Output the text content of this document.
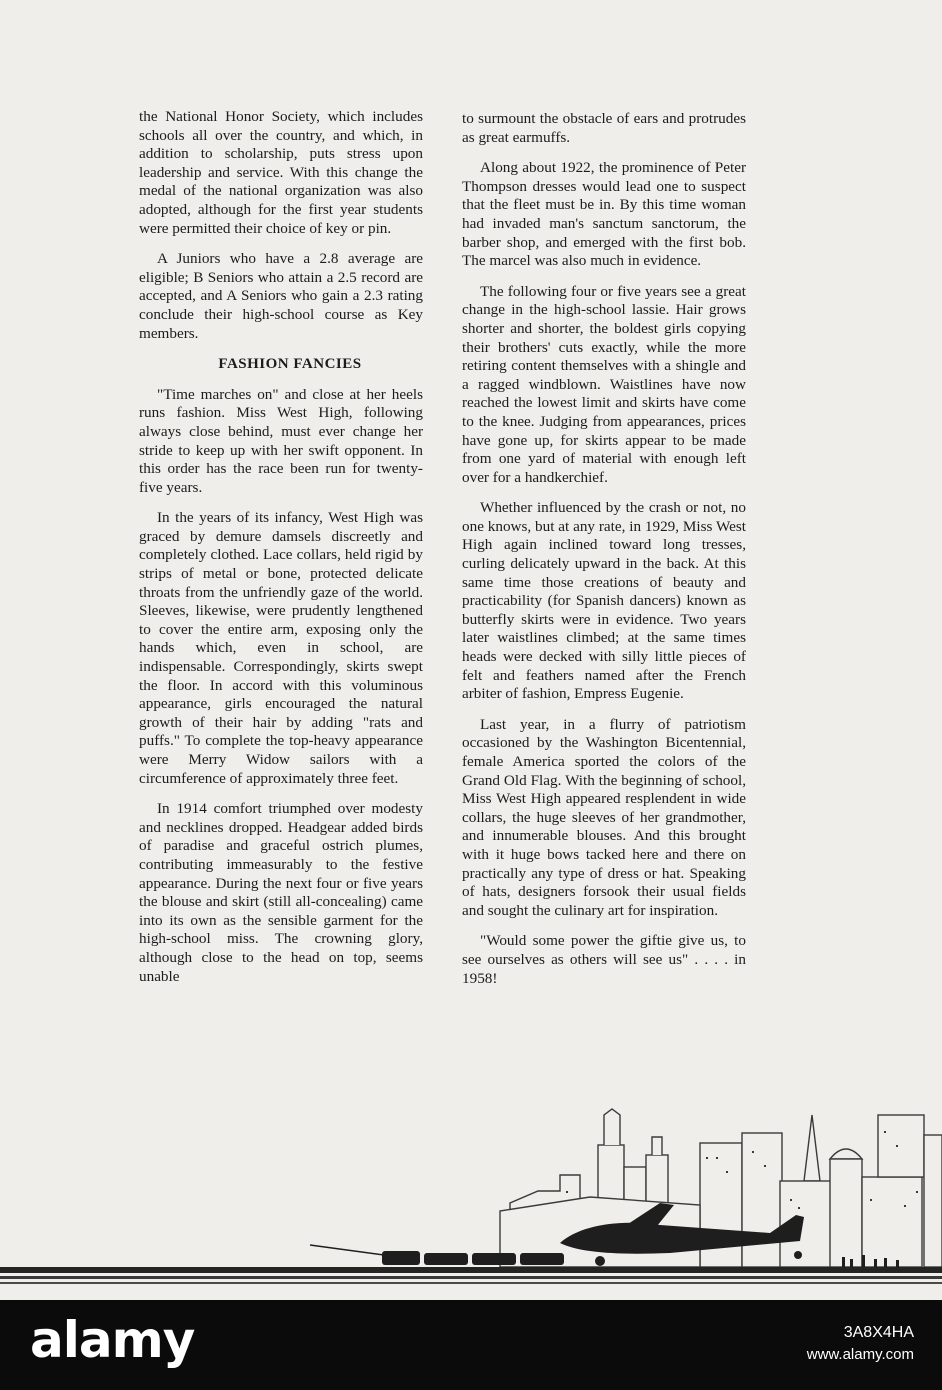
the National Honor Society, which includes schools all over the country, and which, in addition to scholarship, puts stress upon leadership and service. With this change the medal of the national organization was also adopted, although for the first year students were permitted their choice of key or pin.

A Juniors who have a 2.8 average are eligible; B Seniors who attain a 2.5 record are accepted, and A Seniors who gain a 2.3 rating conclude their high-school course as Key members.

FASHION FANCIES

"Time marches on" and close at her heels runs fashion. Miss West High, following always close behind, must ever change her stride to keep up with her swift opponent. In this order has the race been run for twenty-five years.

In the years of its infancy, West High was graced by demure damsels discreetly and completely clothed. Lace collars, held rigid by strips of metal or bone, protected delicate throats from the unfriendly gaze of the world. Sleeves, likewise, were prudently lengthened to cover the entire arm, exposing only the hands which, even in school, are indispensable. Correspondingly, skirts swept the floor. In accord with this voluminous appearance, girls encouraged the natural growth of their hair by adding "rats and puffs." To complete the top-heavy appearance were Merry Widow sailors with a circumference of approximately three feet.

In 1914 comfort triumphed over modesty and necklines dropped. Headgear added birds of paradise and graceful ostrich plumes, contributing immeasurably to the festive appearance. During the next four or five years the blouse and skirt (still all-concealing) came into its own as the sensible garment for the high-school miss. The crowning glory, although close to the head on top, seems unable

to surmount the obstacle of ears and protrudes as great earmuffs.

Along about 1922, the prominence of Peter Thompson dresses would lead one to suspect that the fleet must be in. By this time woman had invaded man's sanctum sanctorum, the barber shop, and emerged with the first bob. The marcel was also much in evidence.

The following four or five years see a great change in the high-school lassie. Hair grows shorter and shorter, the boldest girls copying their brothers' cuts exactly, while the more retiring content themselves with a shingle and a ragged windblown. Waistlines have now reached the lowest limit and skirts have come to the knee. Judging from appearances, prices have gone up, for skirts appear to be made from one yard of material with enough left over for a handkerchief.

Whether influenced by the crash or not, no one knows, but at any rate, in 1929, Miss West High again inclined toward long tresses, curling delicately upward in the back. At this same time those creations of beauty and practicability (for Spanish dancers) known as butterfly skirts were in evidence. Two years later waistlines climbed; at the same times heads were decked with silly little pieces of felt and feathers named after the French arbiter of fashion, Empress Eugenie.

Last year, in a flurry of patriotism occasioned by the Washington Bicentennial, female America sported the colors of the Grand Old Flag. With the beginning of school, Miss West High appeared resplendent in wide collars, the huge sleeves of her grandmother, and innumerable blouses. And this brought with it huge bows tacked here and there on practically any type of dress or hat. Speaking of hats, designers forsook their usual fields and sought the culinary art for inspiration.

"Would some power the giftie give us, to see ourselves as others will see us" . . . . in 1958!

alamy	3A8X4HA
www.alamy.com
